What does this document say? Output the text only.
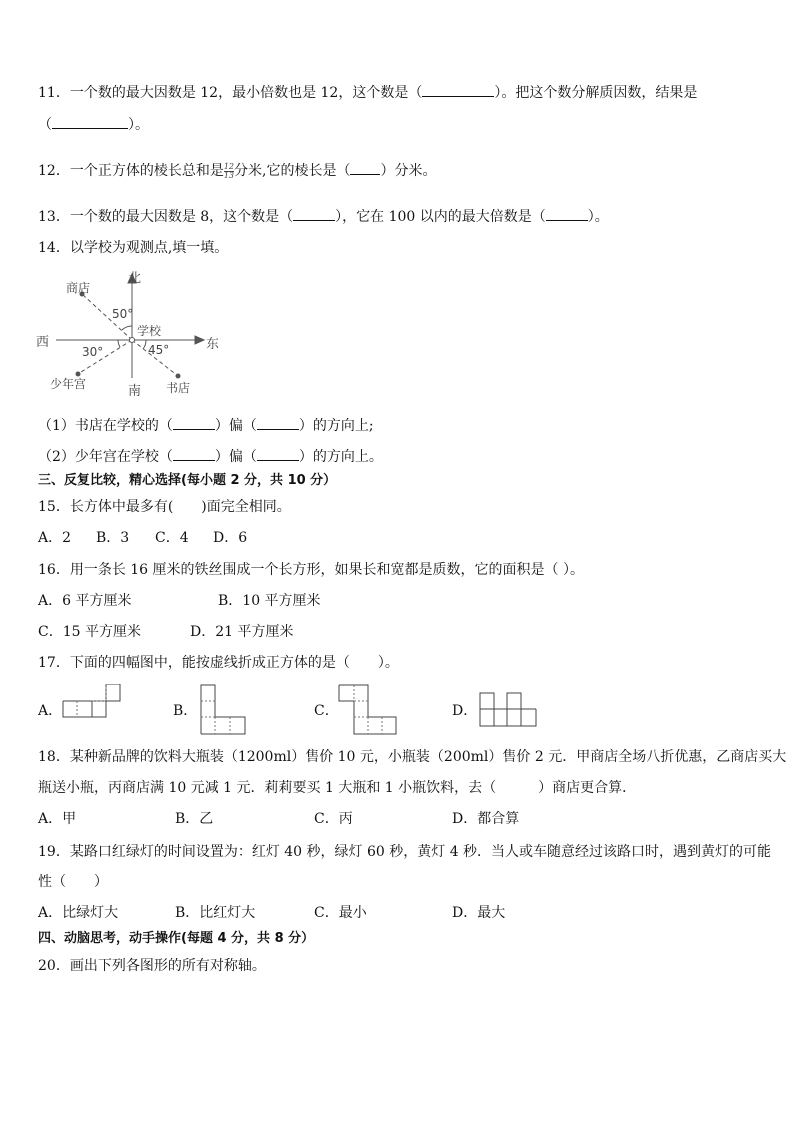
11．一个数的最大因数是 12，最小倍数也是 12，这个数是（	）。把这个数分解质因数，结果是
（	）。
12．一个正方体的棱长总和是 $\frac{12}{13}$ 分米,它的棱长是（ ）分米。
13．一个数的最大因数是 8，这个数是（	），它在 100 以内的最大倍数是（	）。
14．以学校为观测点,填一填。
北
南
西	东
学校
商店
少年宫	书店
50°
30°	45°
（1）书店在学校的（	）偏（	）的方向上;
（2）少年宫在学校（	）偏（	）的方向上。
三、反复比较，精心选择(每小题 2 分，共 10 分）
15．长方体中最多有(　　)面完全相同。
A．2 B．3 C．4 D．6
16．用一条长 16 厘米的铁丝围成一个长方形，如果长和宽都是质数，它的面积是（ ）。
A．6 平方厘米	B．10 平方厘米
C．15 平方厘米	D．21 平方厘米
17．下面的四幅图中，能按虚线折成正方体的是（　　）。
A．	B．	C．	D．
18．某种新品牌的饮料大瓶装（1200ml）售价 10 元，小瓶装（200ml）售价 2 元．甲商店全场八折优惠，乙商店买大
瓶送小瓶，丙商店满 10 元减 1 元．莉莉要买 1 大瓶和 1 小瓶饮料，去（　　　）商店更合算．
A．甲	B．乙	C．丙	D．都合算
19．某路口红绿灯的时间设置为：红灯 40 秒，绿灯 60 秒，黄灯 4 秒．当人或车随意经过该路口时，遇到黄灯的可能
性（　　）
A．比绿灯大	B．比红灯大	C．最小	D．最大
四、动脑思考，动手操作(每题 4 分，共 8 分）
20．画出下列各图形的所有对称轴。
